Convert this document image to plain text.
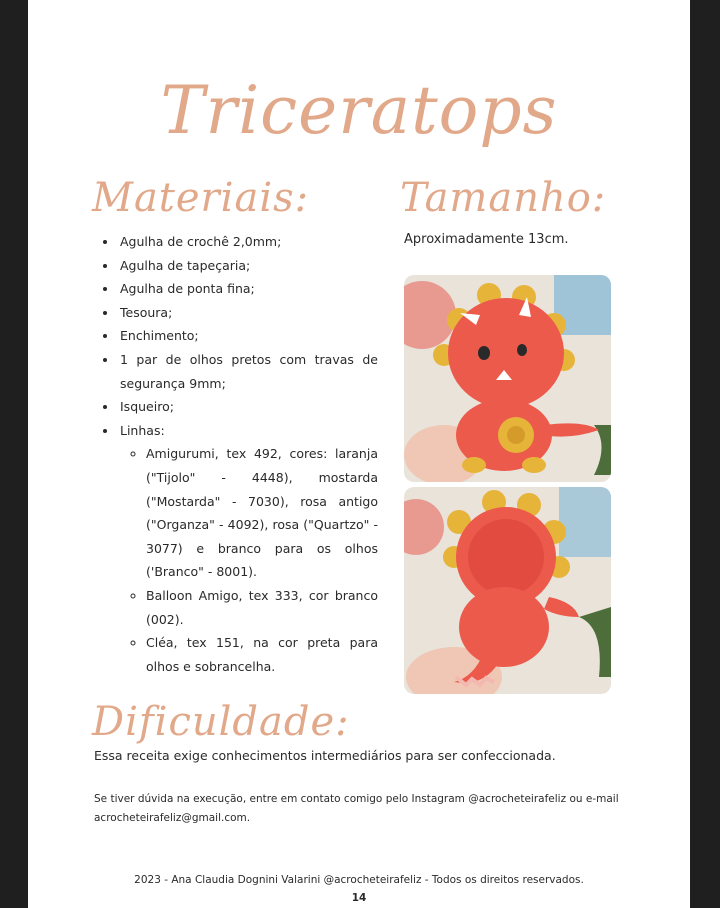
Triceratops
Materiais: Tamanho:
• Agulha de crochê 2,0mm;
• Agulha de tapeçaria;
• Agulha de ponta fina;
• Tesoura;
• Enchimento;
• 1 par de olhos pretos com travas de segurança 9mm;
• Isqueiro;
• Linhas:
◦ Amigurumi, tex 492, cores: laranja ("Tijolo" - 4448), mostarda ("Mostarda" - 7030), rosa antigo ("Organza" - 4092), rosa ("Quartzo" - 3077) e branco para os olhos ('Branco" - 8001).
◦ Balloon Amigo, tex 333, cor branco (002).
◦ Cléa, tex 151, na cor preta para olhos e sobrancelha.
Aproximadamente 13cm.
Dificuldade:
Essa receita exige conhecimentos intermediários para ser confeccionada.
Se tiver dúvida na execução, entre em contato comigo pelo Instagram @acrocheteirafeliz ou e-mail acrocheteirafeliz@gmail.com.
2023 - Ana Claudia Dognini Valarini @acrocheteirafeliz - Todos os direitos reservados.
14
